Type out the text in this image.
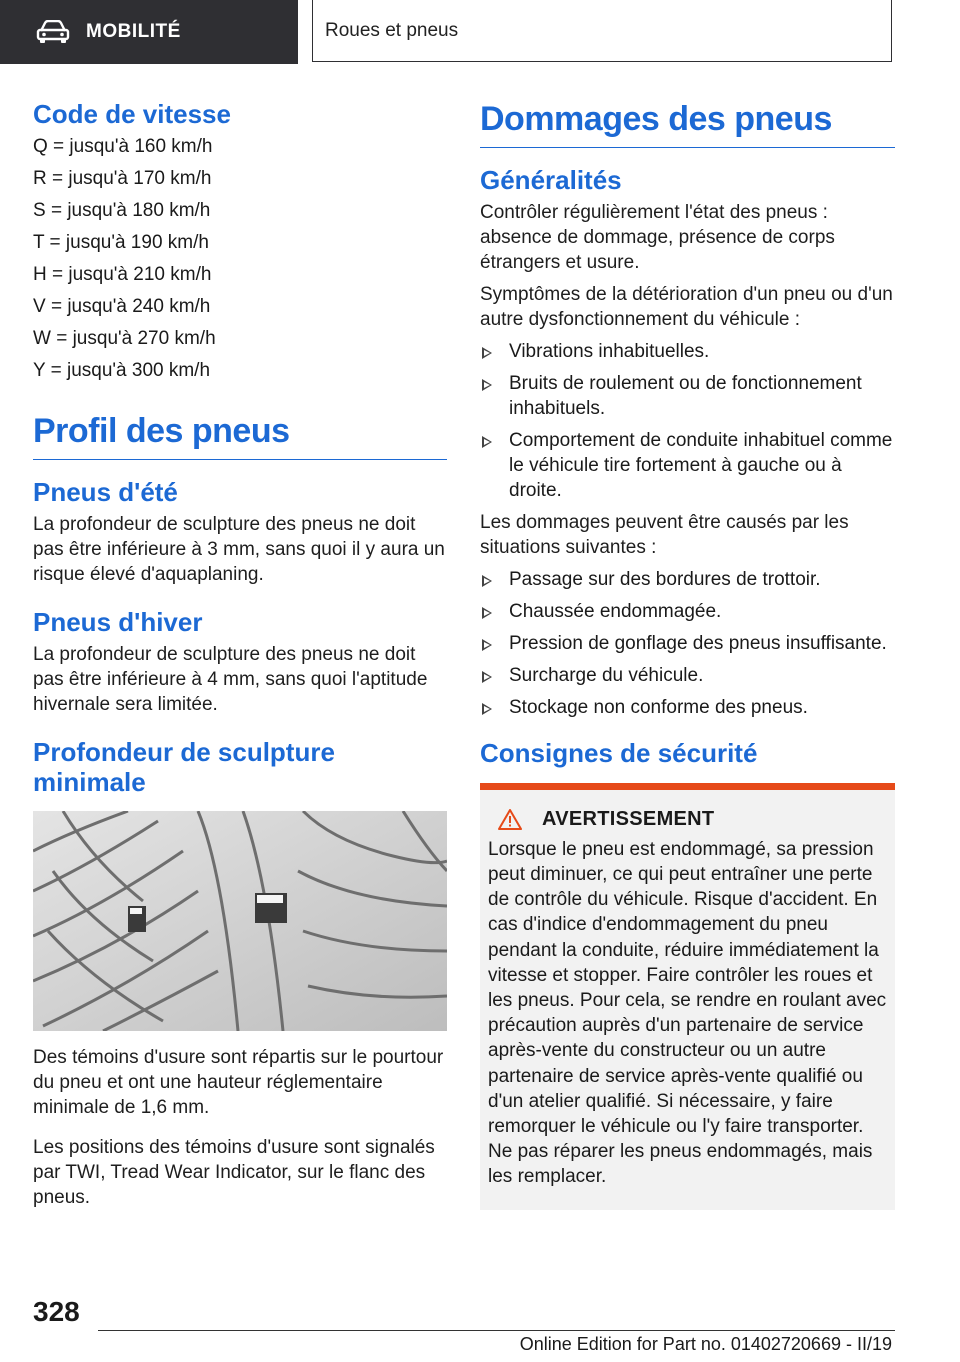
MOBILITÉ	Roues et pneus
Code de vitesse
Q = jusqu'à 160 km/h
R = jusqu'à 170 km/h
S = jusqu'à 180 km/h
T = jusqu'à 190 km/h
H = jusqu'à 210 km/h
V = jusqu'à 240 km/h
W = jusqu'à 270 km/h
Y = jusqu'à 300 km/h
Profil des pneus
Pneus d'été

La profondeur de sculpture des pneus ne doit pas être inférieure à 3 mm, sans quoi il y aura un risque élevé d'aquaplaning.

Pneus d'hiver

La profondeur de sculpture des pneus ne doit pas être inférieure à 4 mm, sans quoi l'aptitude hivernale sera limitée.

Profondeur de sculpture minimale

Des témoins d'usure sont répartis sur le pourtour du pneu et ont une hauteur réglementaire minimale de 1,6 mm.

Les positions des témoins d'usure sont signalés par TWI, Tread Wear Indicator, sur le flanc des pneus.

Dommages des pneus
Généralités

Contrôler régulièrement l'état des pneus : absence de dommage, présence de corps étrangers et usure.

Symptômes de la détérioration d'un pneu ou d'un autre dysfonctionnement du véhicule :

Vibrations inhabituelles.
Bruits de roulement ou de fonctionnement inhabituels.
Comportement de conduite inhabituel comme le véhicule tire fortement à gauche ou à droite.

Les dommages peuvent être causés par les situations suivantes :

Passage sur des bordures de trottoir.
Chaussée endommagée.
Pression de gonflage des pneus insuffisante.
Surcharge du véhicule.
Stockage non conforme des pneus.
Consignes de sécurité
AVERTISSEMENT

Lorsque le pneu est endommagé, sa pression peut diminuer, ce qui peut entraîner une perte de contrôle du véhicule. Risque d'accident. En cas d'indice d'endommagement du pneu pendant la conduite, réduire immédiatement la vitesse et stopper. Faire contrôler les roues et les pneus. Pour cela, se rendre en roulant avec précaution auprès d'un partenaire de service après-vente du constructeur ou un autre partenaire de service après-vente qualifié ou d'un atelier qualifié. Si nécessaire, y faire remorquer le véhicule ou l'y faire transporter. Ne pas réparer les pneus endommagés, mais les remplacer.

328
Online Edition for Part no. 01402720669 - II/19
